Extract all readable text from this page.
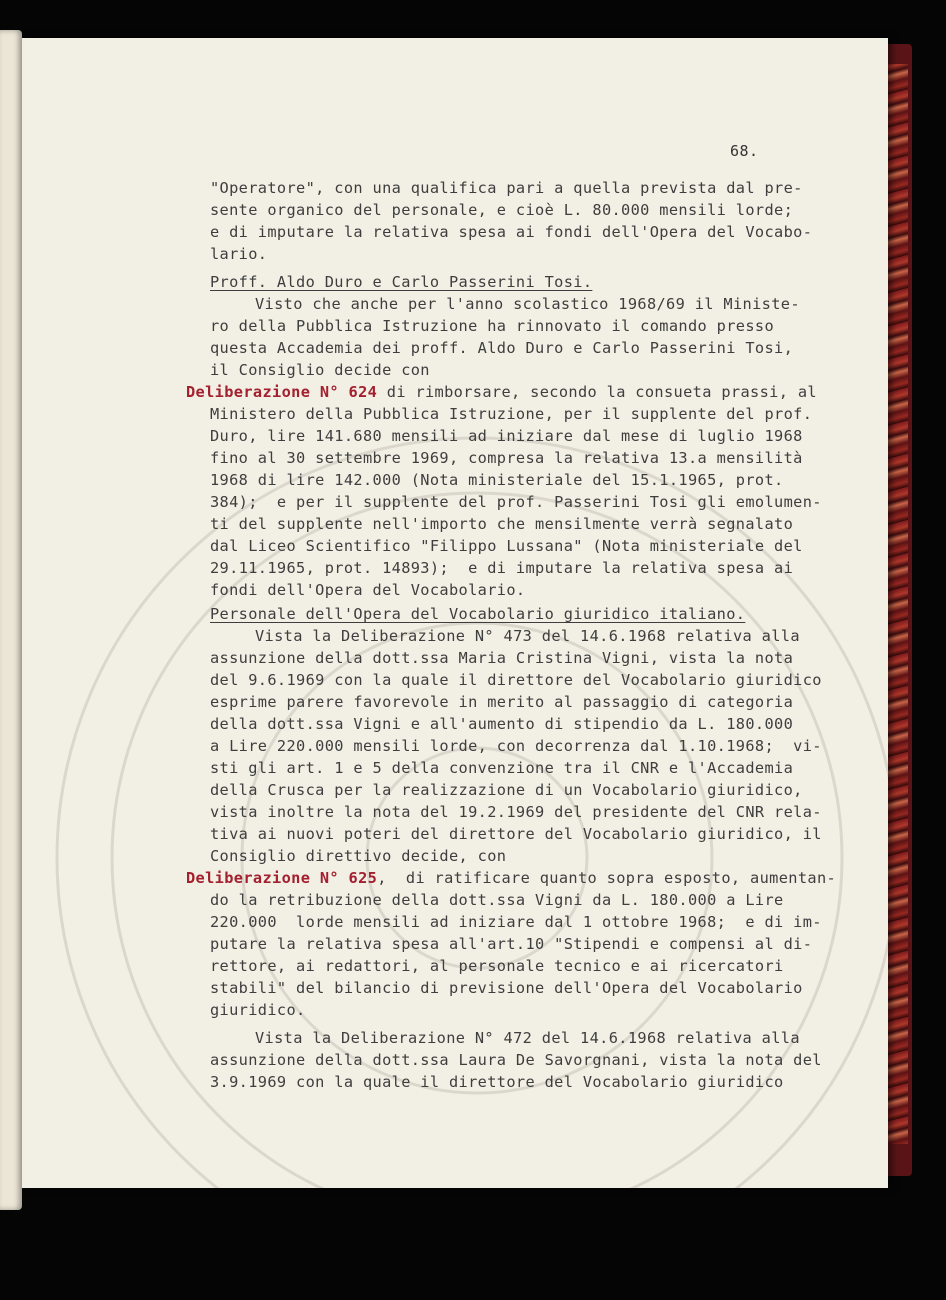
68.
"Operatore", con una qualifica pari a quella prevista dal pre-
sente organico del personale, e cioè L. 80.000 mensili lorde;
e di imputare la relativa spesa ai fondi dell'Opera del Vocabo-
lario.
Proff. Aldo Duro e Carlo Passerini Tosi.
Visto che anche per l'anno scolastico 1968/69 il Ministe-
ro della Pubblica Istruzione ha rinnovato il comando presso
questa Accademia dei proff. Aldo Duro e Carlo Passerini Tosi,
il Consiglio decide con
Deliberazione N° 624 di rimborsare, secondo la consueta prassi, al
Ministero della Pubblica Istruzione, per il supplente del prof.
Duro, lire 141.680 mensili ad iniziare dal mese di luglio 1968
fino al 30 settembre 1969, compresa la relativa 13.a mensilità
1968 di lire 142.000 (Nota ministeriale del 15.1.1965, prot.
384);  e per il supplente del prof. Passerini Tosi gli emolumen-
ti del supplente nell'importo che mensilmente verrà segnalato
dal Liceo Scientifico "Filippo Lussana" (Nota ministeriale del
29.11.1965, prot. 14893);  e di imputare la relativa spesa ai
fondi dell'Opera del Vocabolario.
Personale dell'Opera del Vocabolario giuridico italiano.
Vista la Deliberazione N° 473 del 14.6.1968 relativa alla
assunzione della dott.ssa Maria Cristina Vigni, vista la nota
del 9.6.1969 con la quale il direttore del Vocabolario giuridico
esprime parere favorevole in merito al passaggio di categoria
della dott.ssa Vigni e all'aumento di stipendio da L. 180.000
a Lire 220.000 mensili lorde, con decorrenza dal 1.10.1968;  vi-
sti gli art. 1 e 5 della convenzione tra il CNR e l'Accademia
della Crusca per la realizzazione di un Vocabolario giuridico,
vista inoltre la nota del 19.2.1969 del presidente del CNR rela-
tiva ai nuovi poteri del direttore del Vocabolario giuridico, il
Consiglio direttivo decide, con
Deliberazione N° 625,  di ratificare quanto sopra esposto, aumentan-
do la retribuzione della dott.ssa Vigni da L. 180.000 a Lire
220.000  lorde mensili ad iniziare dal 1 ottobre 1968;  e di im-
putare la relativa spesa all'art.10 "Stipendi e compensi al di-
rettore, ai redattori, al personale tecnico e ai ricercatori
stabili" del bilancio di previsione dell'Opera del Vocabolario
giuridico.
Vista la Deliberazione N° 472 del 14.6.1968 relativa alla
assunzione della dott.ssa Laura De Savorgnani, vista la nota del
3.9.1969 con la quale il direttore del Vocabolario giuridico
